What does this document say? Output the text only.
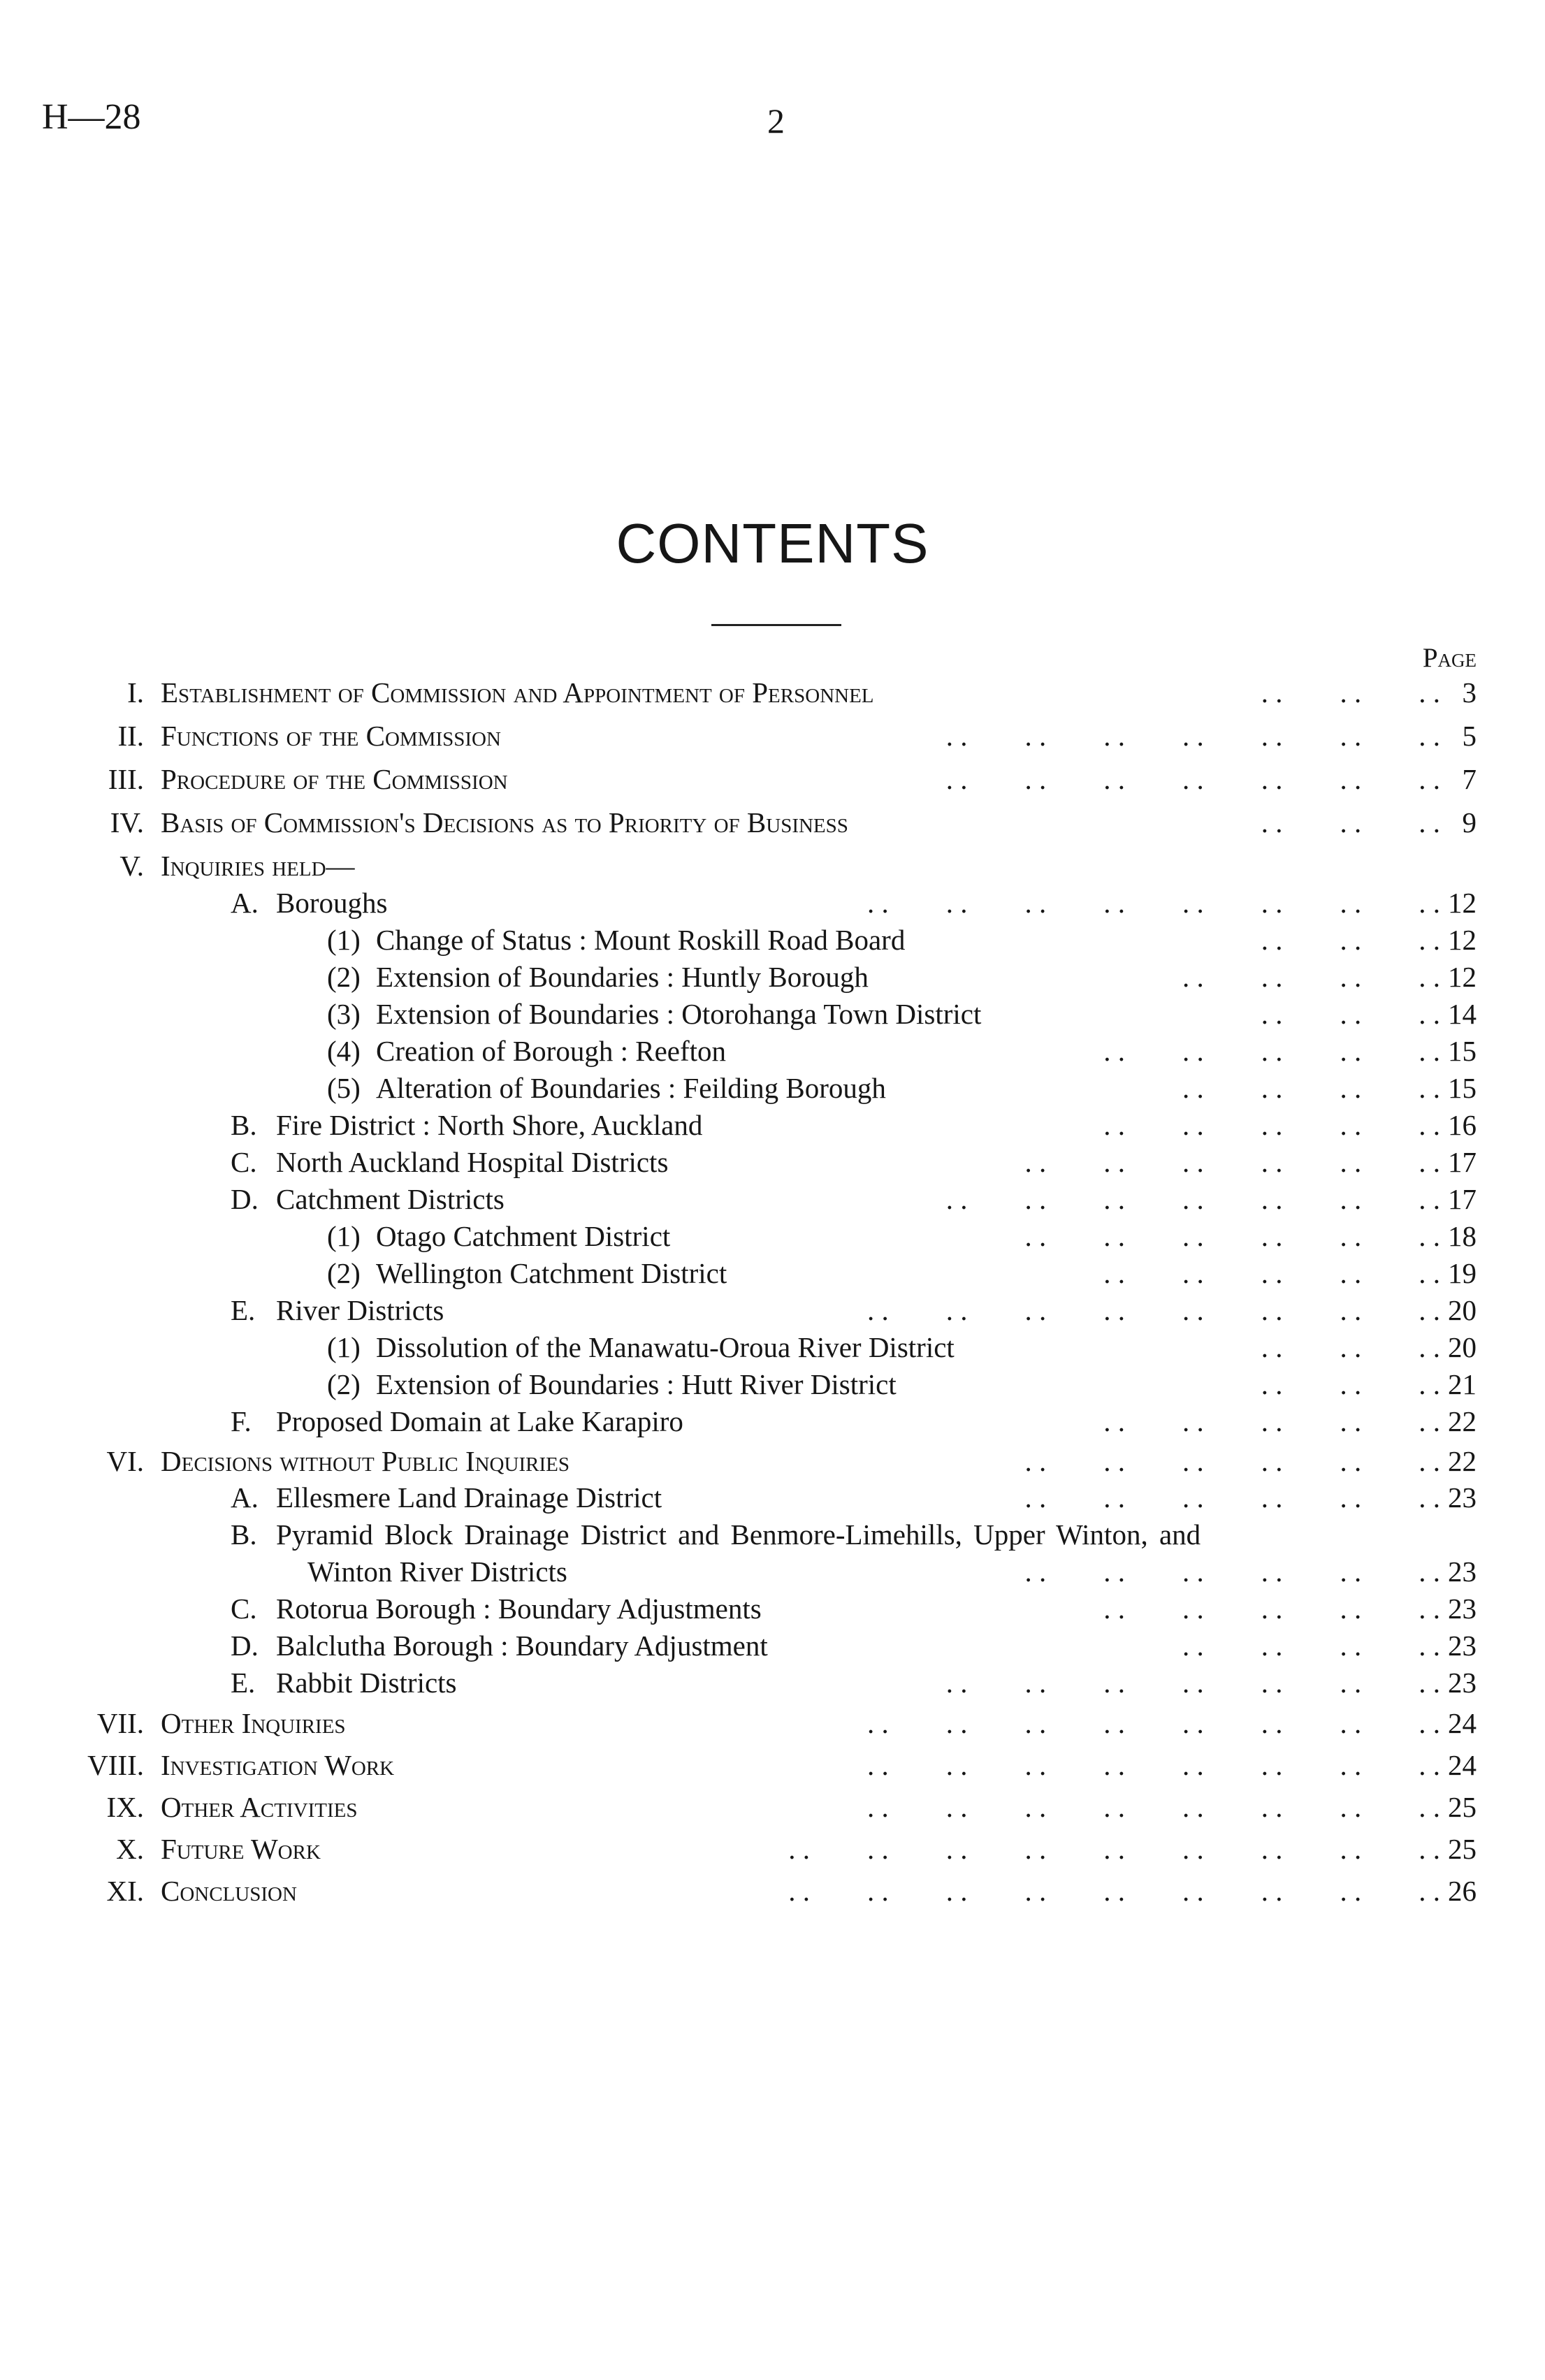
H—28	2
CONTENTS
Page
I. Establishment of Commission and Appointment of Personnel	. .        . .        . . 3
II. Functions of the Commission	. .        . .        . .        . .        . .        . .        . . 5
III. Procedure of the Commission	. .        . .        . .        . .        . .        . .        . . 7
IV. Basis of Commission's Decisions as to Priority of Business	. .        . .        . . 9
V. Inquiries held—
A. Boroughs	. .        . .        . .        . .        . .        . .        . .        . . 12
(1) Change of Status : Mount Roskill Road Board	. .        . .        . . 12
(2) Extension of Boundaries : Huntly Borough	. .        . .        . .        . . 12
(3) Extension of Boundaries : Otorohanga Town District	. .        . .        . . 14
(4) Creation of Borough : Reefton	. .        . .        . .        . .        . . 15
(5) Alteration of Boundaries : Feilding Borough	. .        . .        . .        . . 15
B. Fire District : North Shore, Auckland	. .        . .        . .        . .        . . 16
C. North Auckland Hospital Districts	. .        . .        . .        . .        . .        . . 17
D. Catchment Districts	. .        . .        . .        . .        . .        . .        . . 17
(1) Otago Catchment District	. .        . .        . .        . .        . .        . . 18
(2) Wellington Catchment District	. .        . .        . .        . .        . . 19
E. River Districts	. .        . .        . .        . .        . .        . .        . .        . . 20
(1) Dissolution of the Manawatu-Oroua River District	. .        . .        . . 20
(2) Extension of Boundaries : Hutt River District	. .        . .        . . 21
F. Proposed Domain at Lake Karapiro	. .        . .        . .        . .        . . 22
VI. Decisions without Public Inquiries	. .        . .        . .        . .        . .        . . 22
A. Ellesmere Land Drainage District	. .        . .        . .        . .        . .        . . 23
B. Pyramid Block Drainage District and Benmore-Limehills, Upper Winton, and
Winton River Districts	. .        . .        . .        . .        . .        . . 23
C. Rotorua Borough : Boundary Adjustments	. .        . .        . .        . .        . . 23
D. Balclutha Borough : Boundary Adjustment	. .        . .        . .        . . 23
E. Rabbit Districts	. .        . .        . .        . .        . .        . .        . . 23
VII. Other Inquiries	. .        . .        . .        . .        . .        . .        . .        . . 24
VIII. Investigation Work	. .        . .        . .        . .        . .        . .        . .        . . 24
IX. Other Activities	. .        . .        . .        . .        . .        . .        . .        . . 25
X. Future Work	. .        . .        . .        . .        . .        . .        . .        . .        . . 25
XI. Conclusion	. .        . .        . .        . .        . .        . .        . .        . .        . . 26
